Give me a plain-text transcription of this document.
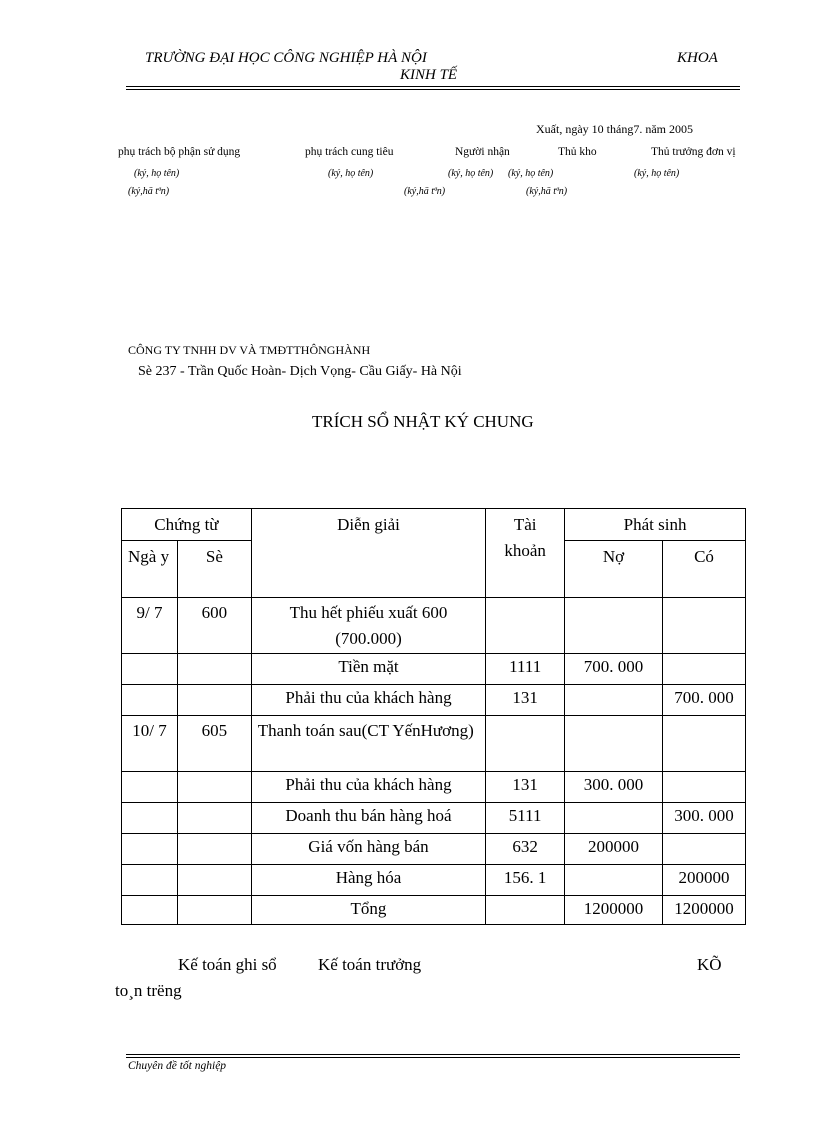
TRƯỜNG ĐẠI HỌC CÔNG NGHIỆP HÀ NỘI	KHOA
KINH TẾ
Xuất, ngày 10 tháng7. năm 2005
phụ trách bộ phận sử dụng	phụ trách cung tiêu	Người nhận	Thủ kho	Thủ trưởng đơn vị
(ký, họ tên)	(ký, họ tên)	(ký, họ tên) (ký, họ tên)	(ký, họ tên)
(ký,hä tªn)	(ký,hä tªn)	(ký,hä tªn)
CÔNG TY TNHH DV VÀ TMĐTTHÔNGHÀNH
Sè 237 - Trần Quốc Hoàn- Dịch Vọng- Cầu Giấy- Hà Nội
TRÍCH SỔ NHẬT KÝ CHUNG
Chứng từ		Diễn giải	Tài khoản	Phát sinh	
Ngà y	Sè			Nợ	Có
9/ 7	600	Thu hết phiếu xuất 600 (700.000)			
		Tiền mặt	1111	700. 000	
		Phải thu của khách hàng	131		700. 000
10/ 7	605	Thanh toán sau(CT YếnHương)			
		Phải thu của khách hàng	131	300. 000	
		Doanh thu bán hàng hoá	5111		300. 000
		Giá vốn hàng bán	632	200000	
		Hàng hóa	156. 1		200000
		Tổng		1200000	1200000
Kế toán ghi sổ Kế toán trưởng	KÕ
to¸n trëng
Chuyên đề tốt nghiệp
